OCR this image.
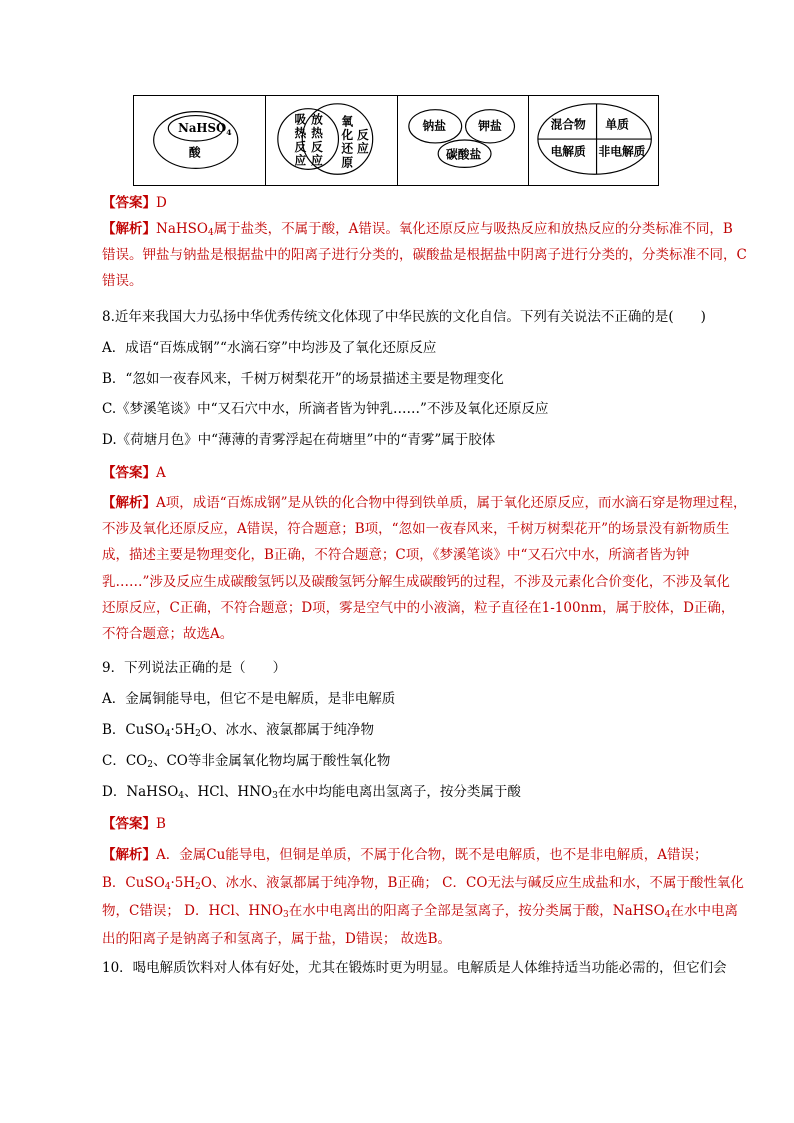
NaHSO$_4$
酸
吸
热
反
应
放
热
反
应
氧
化
还
原
反
应
钠盐	钾盐
碳酸盐
混合物 单质
电解质 非电解质
【答案】D
【解析】NaHSO$_4$属于盐类，不属于酸，A错误。氧化还原反应与吸热反应和放热反应的分类标准不同，B
错误。钾盐与钠盐是根据盐中的阳离子进行分类的，碳酸盐是根据盐中阴离子进行分类的，分类标准不同，C
错误。
8.近年来我国大力弘扬中华优秀传统文化体现了中华民族的文化自信。下列有关说法不正确的是(　　)
A．成语“百炼成钢”“水滴石穿”中均涉及了氧化还原反应
B．“忽如一夜春风来，千树万树梨花开”的场景描述主要是物理变化
C.《梦溪笔谈》中“又石穴中水，所滴者皆为钟乳……”不涉及氧化还原反应
D.《荷塘月色》中“薄薄的青雾浮起在荷塘里”中的“青雾”属于胶体
【答案】A
【解析】A项，成语“百炼成钢”是从铁的化合物中得到铁单质，属于氧化还原反应，而水滴石穿是物理过程，
不涉及氧化还原反应，A错误，符合题意；B项，“忽如一夜春风来，千树万树梨花开”的场景没有新物质生
成，描述主要是物理变化，B正确，不符合题意；C项，《梦溪笔谈》中“又石穴中水，所滴者皆为钟
乳……”涉及反应生成碳酸氢钙以及碳酸氢钙分解生成碳酸钙的过程，不涉及元素化合价变化，不涉及氧化
还原反应，C正确，不符合题意；D项，雾是空气中的小液滴，粒子直径在1-100nm，属于胶体，D正确，
不符合题意；故选A。
9．下列说法正确的是（　　）
A．金属铜能导电，但它不是电解质，是非电解质
B．$CuSO_4\cdot 5H_2O$、冰水、液氯都属于纯净物
C．$CO_2$、CO等非金属氧化物均属于酸性氧化物
D．NaHSO$_4$、HCl、$HNO_3$在水中均能电离出氢离子，按分类属于酸
【答案】B
【解析】A．金属Cu能导电，但铜是单质，不属于化合物，既不是电解质，也不是非电解质，A错误；
B．$CuSO_4\cdot 5H_2O$、冰水、液氯都属于纯净物，B正确； C．CO无法与碱反应生成盐和水，不属于酸性氧化
物，C错误； D．HCl、$HNO_3$在水中电离出的阳离子全部是氢离子，按分类属于酸，NaHSO$_4$在水中电离
出的阳离子是钠离子和氢离子，属于盐，D错误； 故选B。
10．喝电解质饮料对人体有好处，尤其在锻炼时更为明显。电解质是人体维持适当功能必需的，但它们会
